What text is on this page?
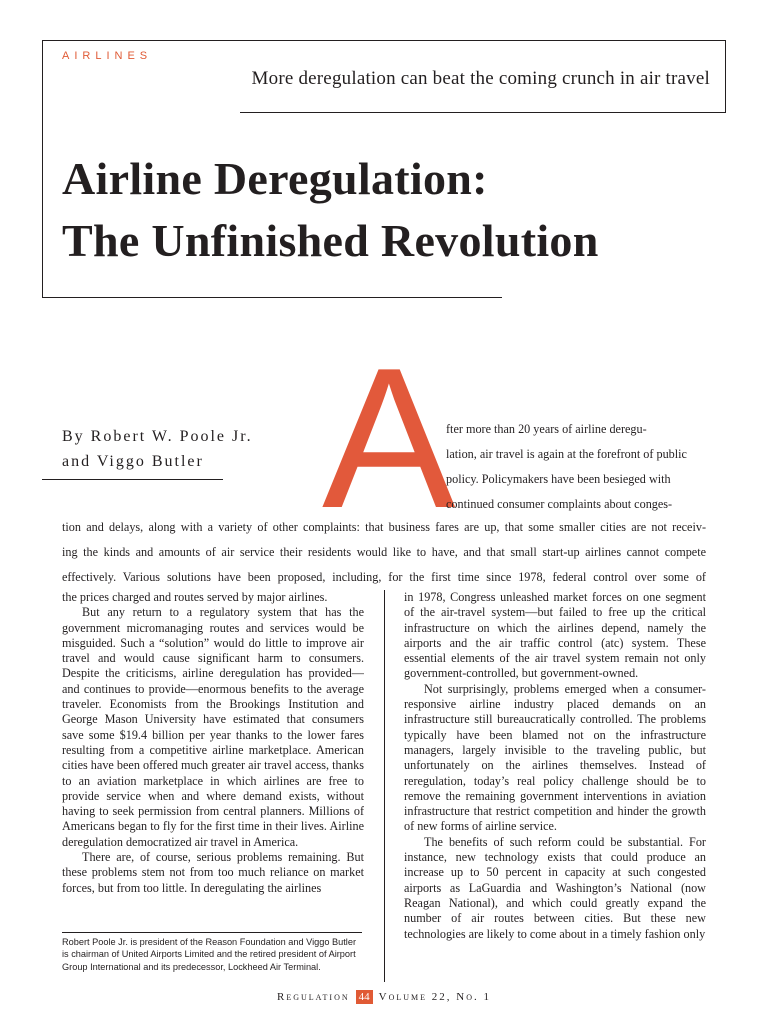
AIRLINES
More deregulation can beat the coming crunch in air travel
Airline Deregulation:
The Unfinished Revolution
By Robert W. Poole Jr.
and Viggo Butler A
fter more than 20 years of airline deregu-
lation, air travel is again at the forefront of public
policy. Policymakers have been besieged with
continued consumer complaints about conges-
tion and delays, along with a variety of other complaints: that business fares are up, that some smaller cities are not receiv-
ing the kinds and amounts of air service their residents would like to have, and that small start-up airlines cannot compete
effectively. Various solutions have been proposed, including, for the first time since 1978, federal control over some of

the prices charged and routes served by major airlines.

But any return to a regulatory system that has the government micromanaging routes and services would be misguided. Such a “solution” would do little to improve air travel and would cause significant harm to consumers. Despite the criticisms, airline deregulation has provided—and continues to provide—enormous benefits to the average traveler. Economists from the Brookings Institution and George Mason University have estimated that consumers save some $19.4 billion per year thanks to the lower fares resulting from a competitive airline marketplace. American cities have been offered much greater air travel access, thanks to an aviation marketplace in which airlines are free to provide service when and where demand exists, without having to seek permission from central planners. Millions of Americans began to fly for the first time in their lives. Airline deregulation democratized air travel in America.

There are, of course, serious problems remaining. But these problems stem not from too much reliance on market forces, but from too little. In deregulating the airlines

in 1978, Congress unleashed market forces on one segment of the air-travel system—but failed to free up the critical infrastructure on which the airlines depend, namely the airports and the air traffic control (atc) system. These essential elements of the air travel system remain not only government-controlled, but government-owned.

Not surprisingly, problems emerged when a consumer-responsive airline industry placed demands on an infrastructure still bureaucratically controlled. The problems typically have been blamed not on the infrastructure managers, largely invisible to the traveling public, but unfortunately on the airlines themselves. Instead of reregulation, today’s real policy challenge should be to remove the remaining government interventions in aviation infrastructure that restrict competition and hinder the growth of new forms of airline service.

The benefits of such reform could be substantial. For instance, new technology exists that could produce an increase up to 50 percent in capacity at such congested airports as LaGuardia and Washington’s National (now Reagan National), and which could greatly expand the number of air routes between cities. But these new technologies are likely to come about in a timely fashion only

Robert Poole Jr. is president of the Reason Foundation and Viggo Butler is chairman of United Airports Limited and the retired president of Airport Group International and its predecessor, Lockheed Air Terminal.
Regulation 44 Volume 22, No. 1
